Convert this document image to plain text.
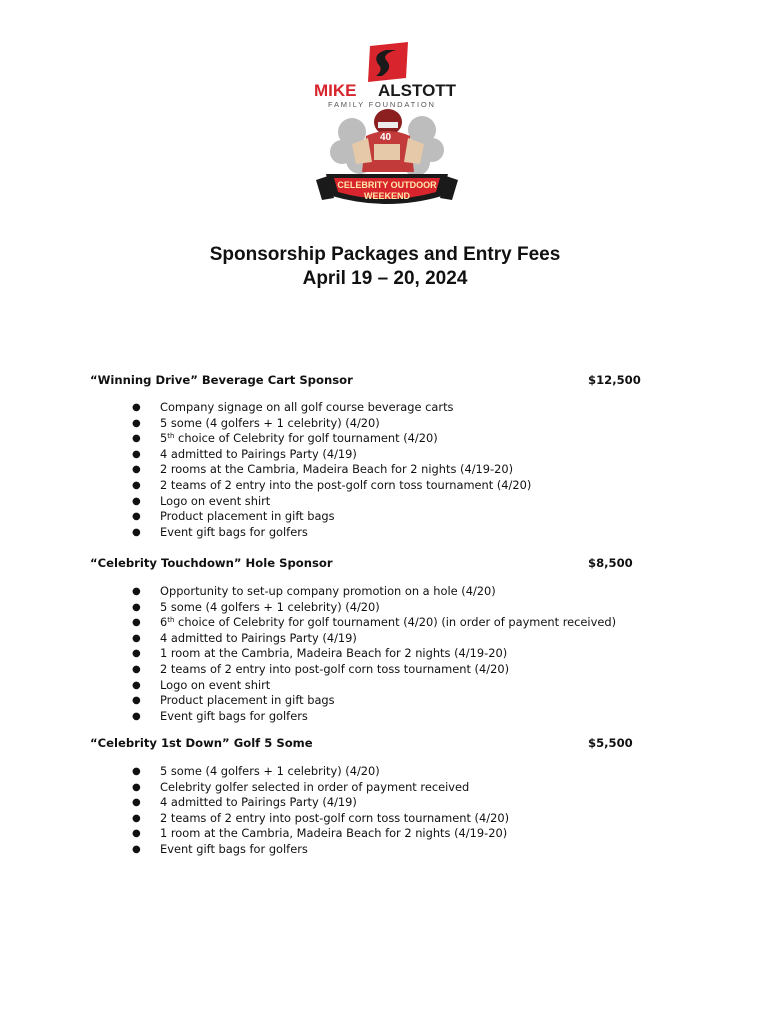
MIKE ALSTOTT
FAMILY FOUNDATION
40
CELEBRITY OUTDOOR
WEEKEND
Sponsorship Packages and Entry Fees
April 19 – 20, 2024
“Winning Drive” Beverage Cart Sponsor	$12,500
● Company signage on all golf course beverage carts
● 5 some (4 golfers + 1 celebrity) (4/20)
● 5th choice of Celebrity for golf tournament (4/20)
● 4 admitted to Pairings Party (4/19)
● 2 rooms at the Cambria, Madeira Beach for 2 nights (4/19-20)
● 2 teams of 2 entry into the post-golf corn toss tournament (4/20)
● Logo on event shirt
● Product placement in gift bags
● Event gift bags for golfers
“Celebrity Touchdown” Hole Sponsor	$8,500
● Opportunity to set-up company promotion on a hole (4/20)
● 5 some (4 golfers + 1 celebrity) (4/20)
● 6th choice of Celebrity for golf tournament (4/20) (in order of payment received)
● 4 admitted to Pairings Party (4/19)
● 1 room at the Cambria, Madeira Beach for 2 nights (4/19-20)
● 2 teams of 2 entry into post-golf corn toss tournament (4/20)
● Logo on event shirt
● Product placement in gift bags
● Event gift bags for golfers
“Celebrity 1st Down” Golf 5 Some	$5,500
● 5 some (4 golfers + 1 celebrity) (4/20)
● Celebrity golfer selected in order of payment received
● 4 admitted to Pairings Party (4/19)
● 2 teams of 2 entry into post-golf corn toss tournament (4/20)
● 1 room at the Cambria, Madeira Beach for 2 nights (4/19-20)
● Event gift bags for golfers
